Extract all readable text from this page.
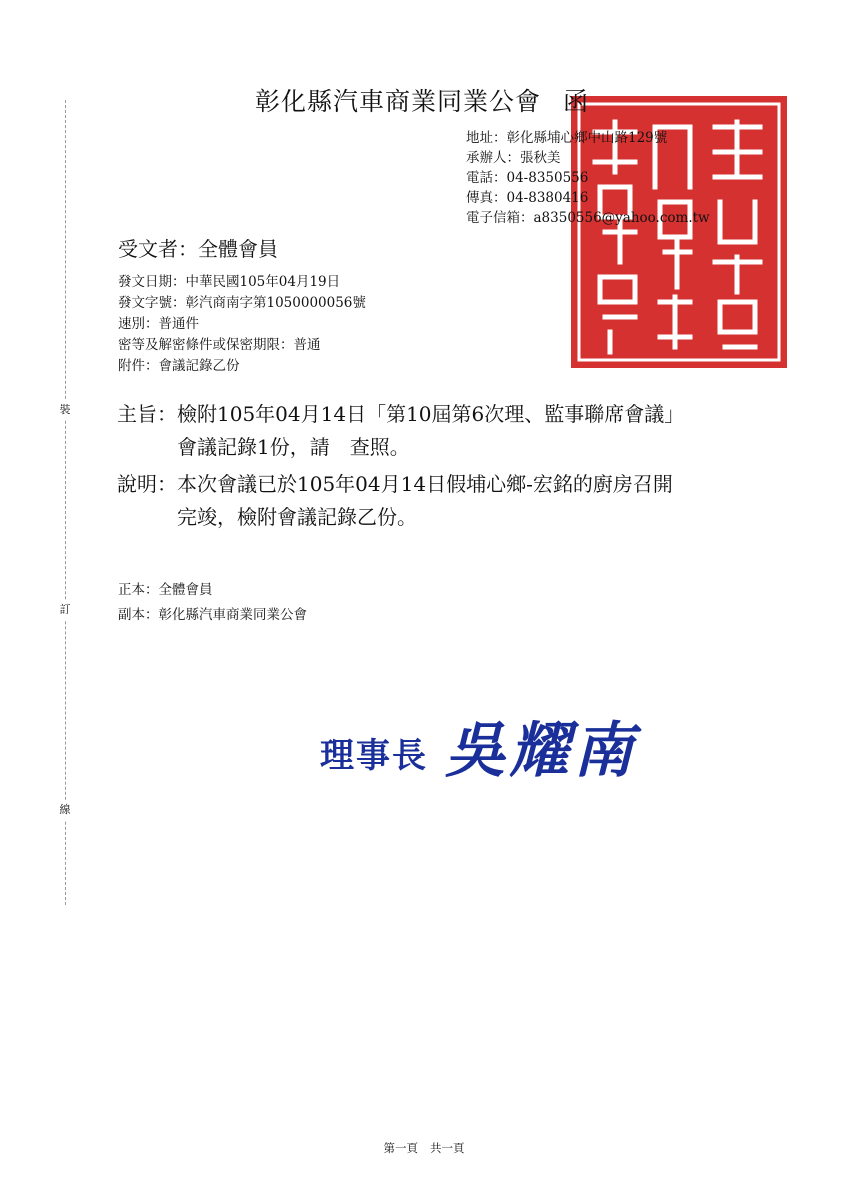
裝
訂
線
彰化縣汽車商業同業公會 函
地址：彰化縣埔心鄉中山路129號
承辦人：張秋美
電話：04-8350556
傳真：04-8380416
電子信箱：a8350556@yahoo.com.tw
受文者：全體會員
發文日期：中華民國105年04月19日
發文字號：彰汽商南字第1050000056號
速別：普通件
密等及解密條件或保密期限：普通
附件：會議記錄乙份
主旨：檢附105年04月14日「第10屆第6次理、監事聯席會議」
會議記錄1份，請　查照。
說明：本次會議已於105年04月14日假埔心鄉-宏銘的廚房召開
完竣，檢附會議記錄乙份。
正本：全體會員
副本：彰化縣汽車商業同業公會
理事長 吳耀南
第一頁 共一頁
